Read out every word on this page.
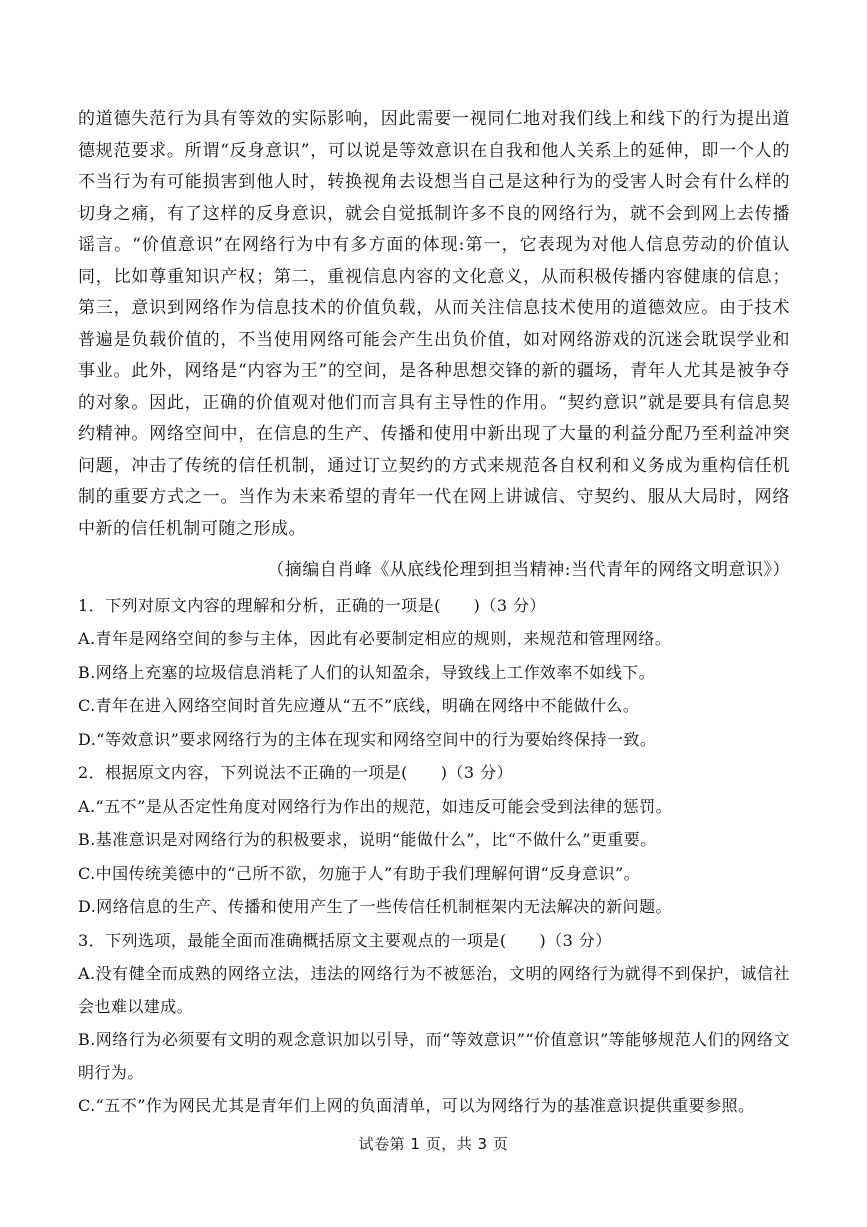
的道德失范行为具有等效的实际影响，因此需要一视同仁地对我们线上和线下的行为提出道德规范要求。所谓“反身意识”，可以说是等效意识在自我和他人关系上的延伸，即一个人的不当行为有可能损害到他人时，转换视角去设想当自己是这种行为的受害人时会有什么样的切身之痛，有了这样的反身意识，就会自觉抵制许多不良的网络行为，就不会到网上去传播谣言。“价值意识”在网络行为中有多方面的体现:第一，它表现为对他人信息劳动的价值认同，比如尊重知识产权；第二，重视信息内容的文化意义，从而积极传播内容健康的信息；第三，意识到网络作为信息技术的价值负载，从而关注信息技术使用的道德效应。由于技术普遍是负载价值的，不当使用网络可能会产生出负价值，如对网络游戏的沉迷会耽误学业和事业。此外，网络是“内容为王”的空间，是各种思想交锋的新的疆场，青年人尤其是被争夺的对象。因此，正确的价值观对他们而言具有主导性的作用。“契约意识”就是要具有信息契约精神。网络空间中，在信息的生产、传播和使用中新出现了大量的利益分配乃至利益冲突问题，冲击了传统的信任机制，通过订立契约的方式来规范各自权利和义务成为重构信任机制的重要方式之一。当作为未来希望的青年一代在网上讲诚信、守契约、服从大局时，网络中新的信任机制可随之形成。

（摘编自肖峰《从底线伦理到担当精神:当代青年的网络文明意识》）

1．下列对原文内容的理解和分析，正确的一项是(　　)（3 分）

A.青年是网络空间的参与主体，因此有必要制定相应的规则，来规范和管理网络。

B.网络上充塞的垃圾信息消耗了人们的认知盈余，导致线上工作效率不如线下。

C.青年在进入网络空间时首先应遵从“五不”底线，明确在网络中不能做什么。

D.“等效意识”要求网络行为的主体在现实和网络空间中的行为要始终保持一致。

2．根据原文内容，下列说法不正确的一项是(　　)（3 分）

A.“五不”是从否定性角度对网络行为作出的规范，如违反可能会受到法律的惩罚。

B.基准意识是对网络行为的积极要求，说明“能做什么”，比“不做什么”更重要。

C.中国传统美德中的“己所不欲，勿施于人”有助于我们理解何谓“反身意识”。

D.网络信息的生产、传播和使用产生了一些传信任机制框架内无法解决的新问题。

3．下列选项，最能全面而准确概括原文主要观点的一项是(　　)（3 分）

A.没有健全而成熟的网络立法，违法的网络行为不被惩治，文明的网络行为就得不到保护，诚信社会也难以建成。

B.网络行为必须要有文明的观念意识加以引导，而“等效意识”“价值意识”等能够规范人们的网络文明行为。

C.“五不”作为网民尤其是青年们上网的负面清单，可以为网络行为的基准意识提供重要参照。

试卷第 1 页，共 3 页
